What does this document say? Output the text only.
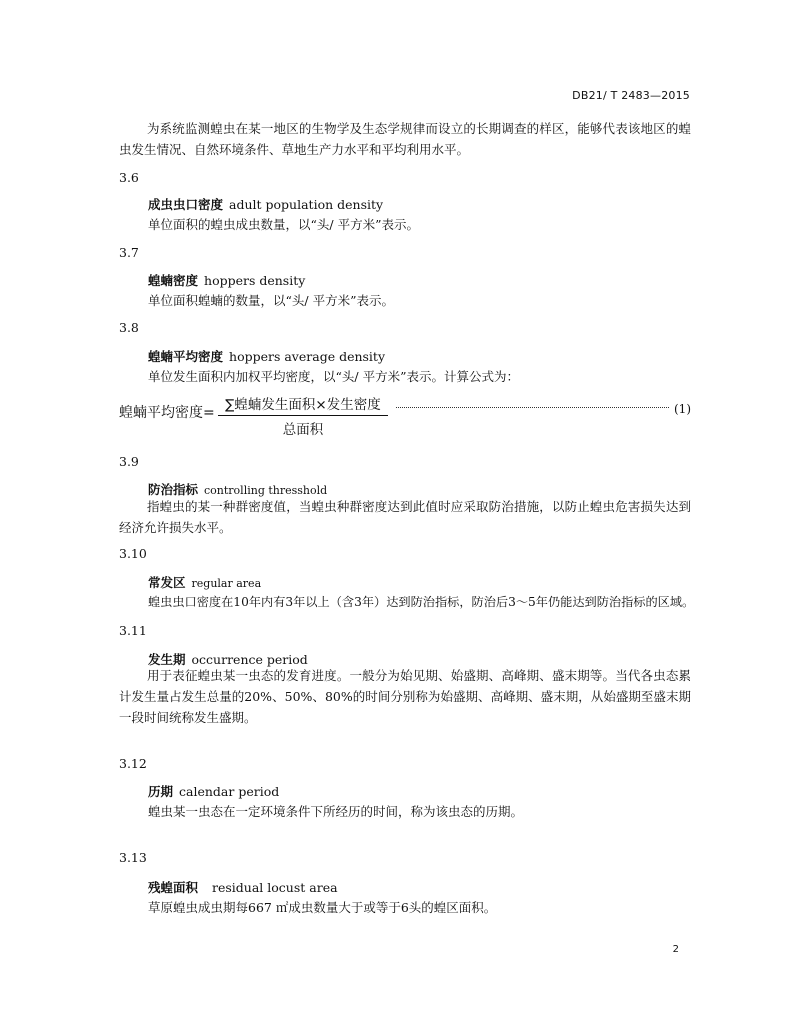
DB21/ T 2483—2015
为系统监测蝗虫在某一地区的生物学及生态学规律而设立的长期调查的样区，能够代表该地区的蝗虫发生情况、自然环境条件、草地生产力水平和平均利用水平。
3.6
成虫虫口密度 adult population density
单位面积的蝗虫成虫数量，以“头/ 平方米”表示。
3.7
蝗蝻密度 hoppers density
单位面积蝗蝻的数量，以“头/ 平方米”表示。
3.8
蝗蝻平均密度 hoppers average density
单位发生面积内加权平均密度，以“头/ 平方米”表示。计算公式为：
蝗蝻平均密度= ∑蝗蝻发生面积×发生密度
总面积
(1)
3.9
防治指标 controlling thresshold
指蝗虫的某一种群密度值，当蝗虫种群密度达到此值时应采取防治措施，以防止蝗虫危害损失达到经济允许损失水平。
3.10
常发区 regular area
蝗虫虫口密度在10年内有3年以上（含3年）达到防治指标，防治后3～5年仍能达到防治指标的区域。
3.11
发生期 occurrence period
用于表征蝗虫某一虫态的发育进度。一般分为始见期、始盛期、高峰期、盛末期等。当代各虫态累计发生量占发生总量的20%、50%、80%的时间分别称为始盛期、高峰期、盛末期，从始盛期至盛末期一段时间统称发生盛期。
3.12
历期 calendar period
蝗虫某一虫态在一定环境条件下所经历的时间，称为该虫态的历期。
3.13
残蝗面积 residual locust area
草原蝗虫成虫期每667 ㎡成虫数量大于或等于6头的蝗区面积。
2
